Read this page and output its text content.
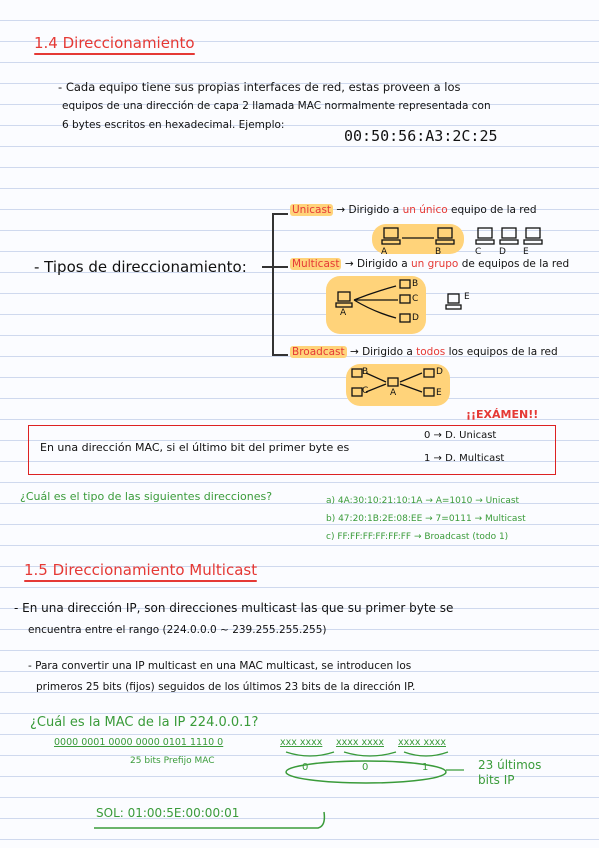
1.4 Direccionamiento
- Cada equipo tiene sus propias interfaces de red, estas proveen a los
equipos de una dirección de capa 2 llamada MAC normalmente representada con
6 bytes escritos en hexadecimal. Ejemplo:
00:50:56:A3:2C:25
- Tipos de direccionamiento:
Unicast → Dirigido a un único equipo de la red
A	B	C D E
Multicast → Dirigido a un grupo de equipos de la red
A
B
C
D
E
Broadcast → Dirigido a todos los equipos de la red
B
C A
D
E
¡¡EXÁMEN!!
En una dirección MAC, si el último bit del primer byte es
0 → D. Unicast
1 → D. Multicast
¿Cuál es el tipo de las siguientes direcciones?	a) 4A:30:10:21:10:1A → A=1010 → Unicast
b) 47:20:1B:2E:08:EE → 7=0111 → Multicast
c) FF:FF:FF:FF:FF:FF → Broadcast (todo 1)
1.5 Direccionamiento Multicast
- En una dirección IP, son direcciones multicast las que su primer byte se
encuentra entre el rango (224.0.0.0 ~ 239.255.255.255)
- Para convertir una IP multicast en una MAC multicast, se introducen los
primeros 25 bits (fijos) seguidos de los últimos 23 bits de la dirección IP.
¿Cuál es la MAC de la IP 224.0.0.1?
0000 0001 0000 0000 0101 1110 0	xxx xxxx xxxx xxxx xxxx xxxx
25 bits Prefijo MAC
0	0	1	23 últimos
bits IP
SOL: 01:00:5E:00:00:01
